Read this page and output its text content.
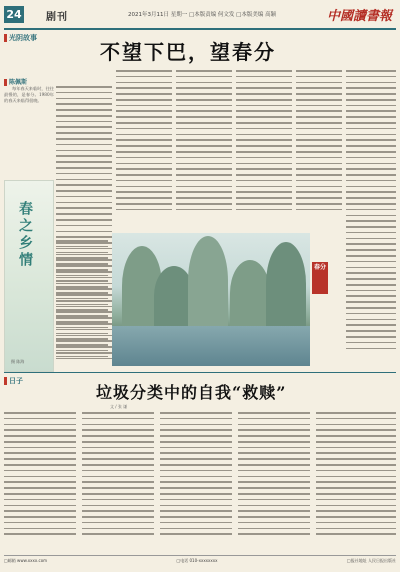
24 剧刊	2021年3月11日 星期一 □本版责编 何文发 □本版美编 高颖	中國讀書報
光阴故事
不望下巴，望春分
陈佩斯

每年春天来临时，往往最慢的，是春分。1980年的春天来临得很晚。

春之乡情
摄 陈海
春分
日子
垃圾分类中的自我“救赎”
文 / 张 谦
□邮箱 www.xxxx.com	□电话 010-xxxxxxxx	□报社地址 人民日报出版社
